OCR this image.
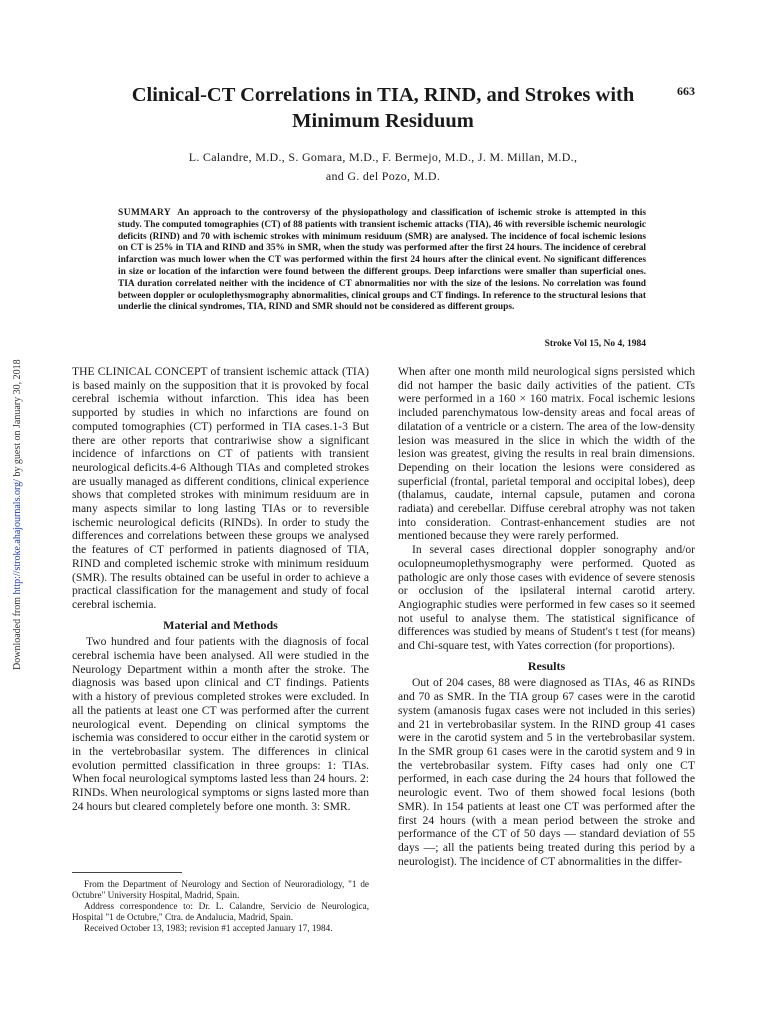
663
Clinical-CT Correlations in TIA, RIND, and Strokes with Minimum Residuum
L. Calandre, M.D., S. Gomara, M.D., F. Bermejo, M.D., J. M. Millan, M.D.,
and G. del Pozo, M.D.

SUMMARY An approach to the controversy of the physiopathology and classification of ischemic stroke is attempted in this study. The computed tomographies (CT) of 88 patients with transient ischemic attacks (TIA), 46 with reversible ischemic neurologic deficits (RIND) and 70 with ischemic strokes with minimum residuum (SMR) are analysed. The incidence of focal ischemic lesions on CT is 25% in TIA and RIND and 35% in SMR, when the study was performed after the first 24 hours. The incidence of cerebral infarction was much lower when the CT was performed within the first 24 hours after the clinical event. No significant differences in size or location of the infarction were found between the different groups. Deep infarctions were smaller than superficial ones. TIA duration correlated neither with the incidence of CT abnormalities nor with the size of the lesions. No correlation was found between doppler or oculoplethysmography abnormalities, clinical groups and CT findings. In reference to the structural lesions that underlie the clinical syndromes, TIA, RIND and SMR should not be considered as different groups.

Stroke Vol 15, No 4, 1984
Downloaded from http://stroke.ahajournals.org/ by guest on January 30, 2018	THE CLINICAL CONCEPT of transient ischemic attack (TIA) is based mainly on the supposition that it is provoked by focal cerebral ischemia without infarction. This idea has been supported by studies in which no infarctions are found on computed tomographies (CT) performed in TIA cases.1-3 But there are other reports that contrariwise show a significant incidence of infarctions on CT of patients with transient neurological deficits.4-6 Although TIAs and completed strokes are usually managed as different conditions, clinical experience shows that completed strokes with minimum residuum are in many aspects similar to long lasting TIAs or to reversible ischemic neurological deficits (RINDs). In order to study the differences and correlations between these groups we analysed the features of CT performed in patients diagnosed of TIA, RIND and completed ischemic stroke with minimum residuum (SMR). The results obtained can be useful in order to achieve a practical classification for the management and study of focal cerebral ischemia.

Material and Methods

Two hundred and four patients with the diagnosis of focal cerebral ischemia have been analysed. All were studied in the Neurology Department within a month after the stroke. The diagnosis was based upon clinical and CT findings. Patients with a history of previous completed strokes were excluded. In all the patients at least one CT was performed after the current neurological event. Depending on clinical symptoms the ischemia was considered to occur either in the carotid system or in the vertebrobasilar system. The differences in clinical evolution permitted classification in three groups: 1: TIAs. When focal neurological symptoms lasted less than 24 hours. 2: RINDs. When neurological symptoms or signs lasted more than 24 hours but cleared completely before one month. 3: SMR.

From the Department of Neurology and Section of Neuroradiology, "1 de Octubre" University Hospital, Madrid, Spain.

Address correspondence to: Dr. L. Calandre, Servicio de Neurologica, Hospital "1 de Octubre," Ctra. de Andalucia, Madrid, Spain.

Received October 13, 1983; revision #1 accepted January 17, 1984.

When after one month mild neurological signs persisted which did not hamper the basic daily activities of the patient. CTs were performed in a 160 × 160 matrix. Focal ischemic lesions included parenchymatous low-density areas and focal areas of dilatation of a ventricle or a cistern. The area of the low-density lesion was measured in the slice in which the width of the lesion was greatest, giving the results in real brain dimensions. Depending on their location the lesions were considered as superficial (frontal, parietal temporal and occipital lobes), deep (thalamus, caudate, internal capsule, putamen and corona radiata) and cerebellar. Diffuse cerebral atrophy was not taken into consideration. Contrast-enhancement studies are not mentioned because they were rarely performed.

In several cases directional doppler sonography and/or oculopneumoplethysmography were performed. Quoted as pathologic are only those cases with evidence of severe stenosis or occlusion of the ipsilateral internal carotid artery. Angiographic studies were performed in few cases so it seemed not useful to analyse them. The statistical significance of differences was studied by means of Student's t test (for means) and Chi-square test, with Yates correction (for proportions).

Results

Out of 204 cases, 88 were diagnosed as TIAs, 46 as RINDs and 70 as SMR. In the TIA group 67 cases were in the carotid system (amanosis fugax cases were not included in this series) and 21 in vertebrobasilar system. In the RIND group 41 cases were in the carotid system and 5 in the vertebrobasilar system. In the SMR group 61 cases were in the carotid system and 9 in the vertebrobasilar system. Fifty cases had only one CT performed, in each case during the 24 hours that followed the neurologic event. Two of them showed focal lesions (both SMR). In 154 patients at least one CT was performed after the first 24 hours (with a mean period between the stroke and performance of the CT of 50 days — standard deviation of 55 days —; all the patients being treated during this period by a neurologist). The incidence of CT abnormalities in the differ-
